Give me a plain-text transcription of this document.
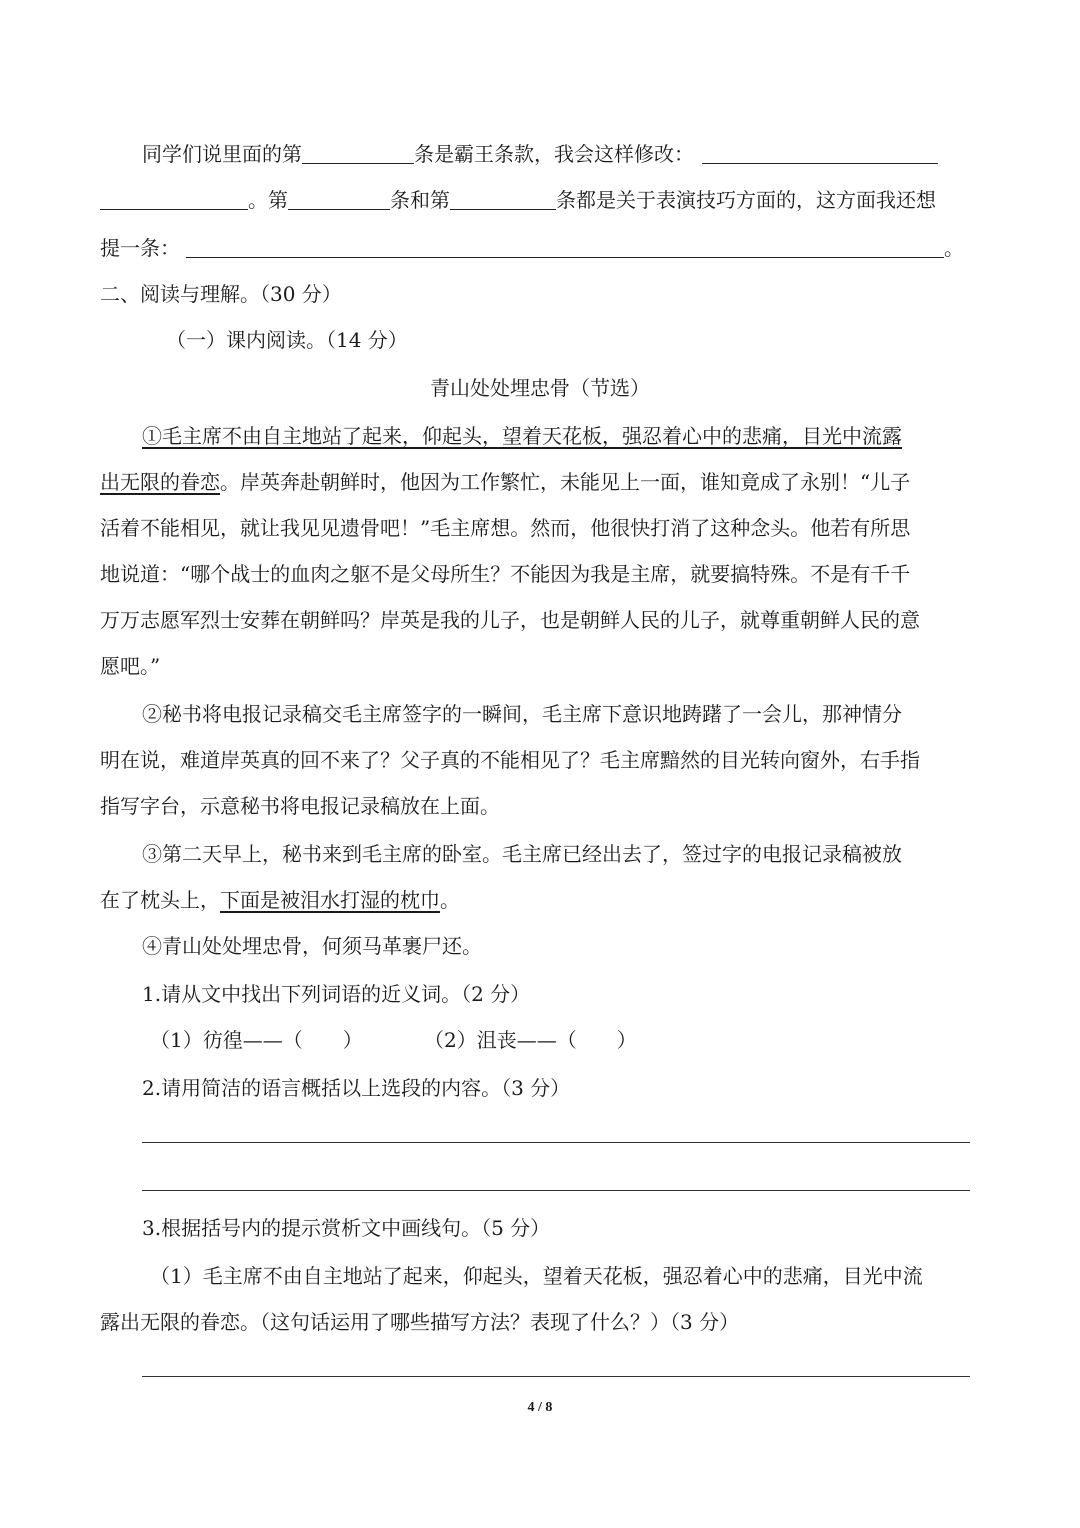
同学们说里面的第	条是霸王条款，我会这样修改：
。第	条和第	条都是关于表演技巧方面的，这方面我还想
提一条：	。
二、阅读与理解。（30 分）
（一）课内阅读。（14 分）
青山处处埋忠骨（节选）
①毛主席不由自主地站了起来，仰起头，望着天花板，强忍着心中的悲痛，目光中流露
出无限的眷恋。岸英奔赴朝鲜时，他因为工作繁忙，未能见上一面，谁知竟成了永别！“儿子
活着不能相见，就让我见见遗骨吧！”毛主席想。然而，他很快打消了这种念头。他若有所思
地说道：“哪个战士的血肉之躯不是父母所生？不能因为我是主席，就要搞特殊。不是有千千
万万志愿军烈士安葬在朝鲜吗？岸英是我的儿子，也是朝鲜人民的儿子，就尊重朝鲜人民的意
愿吧。”
②秘书将电报记录稿交毛主席签字的一瞬间，毛主席下意识地踌躇了一会儿，那神情分
明在说，难道岸英真的回不来了？父子真的不能相见了？毛主席黯然的目光转向窗外，右手指
指写字台，示意秘书将电报记录稿放在上面。
③第二天早上，秘书来到毛主席的卧室。毛主席已经出去了，签过字的电报记录稿被放
在了枕头上，下面是被泪水打湿的枕巾。
④青山处处埋忠骨，何须马革裹尸还。
1.请从文中找出下列词语的近义词。（2 分）
（1）彷徨——（　　）	（2）沮丧——（　　）
2.请用简洁的语言概括以上选段的内容。（3 分）
3.根据括号内的提示赏析文中画线句。（5 分）
（1）毛主席不由自主地站了起来，仰起头，望着天花板，强忍着心中的悲痛，目光中流
露出无限的眷恋。（这句话运用了哪些描写方法？表现了什么？）（3 分）
4 / 8
